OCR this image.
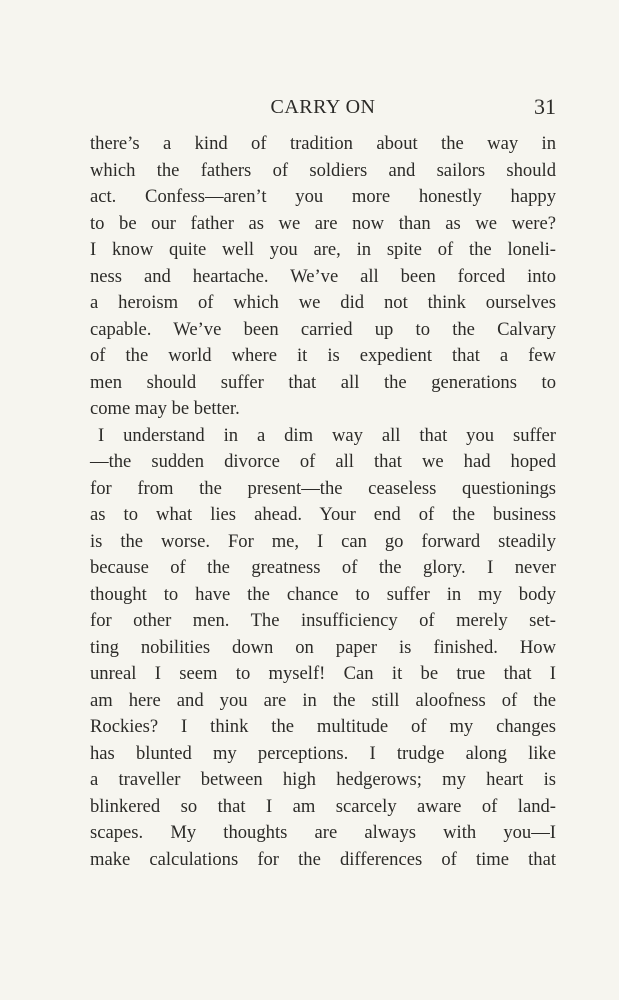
CARRY ON	31
there’s a kind of tradition about the way in
which the fathers of soldiers and sailors should
act. Confess—aren’t you more honestly happy
to be our father as we are now than as we were?
I know quite well you are, in spite of the loneli-
ness and heartache. We’ve all been forced into
a heroism of which we did not think ourselves
capable. We’ve been carried up to the Calvary
of the world where it is expedient that a few
men should suffer that all the generations to
come may be better.
I understand in a dim way all that you suffer
—the sudden divorce of all that we had hoped
for from the present—the ceaseless questionings
as to what lies ahead. Your end of the business
is the worse. For me, I can go forward steadily
because of the greatness of the glory. I never
thought to have the chance to suffer in my body
for other men. The insufficiency of merely set-
ting nobilities down on paper is finished. How
unreal I seem to myself! Can it be true that I
am here and you are in the still aloofness of the
Rockies? I think the multitude of my changes
has blunted my perceptions. I trudge along like
a traveller between high hedgerows; my heart is
blinkered so that I am scarcely aware of land-
scapes. My thoughts are always with you—I
make calculations for the differences of time that
